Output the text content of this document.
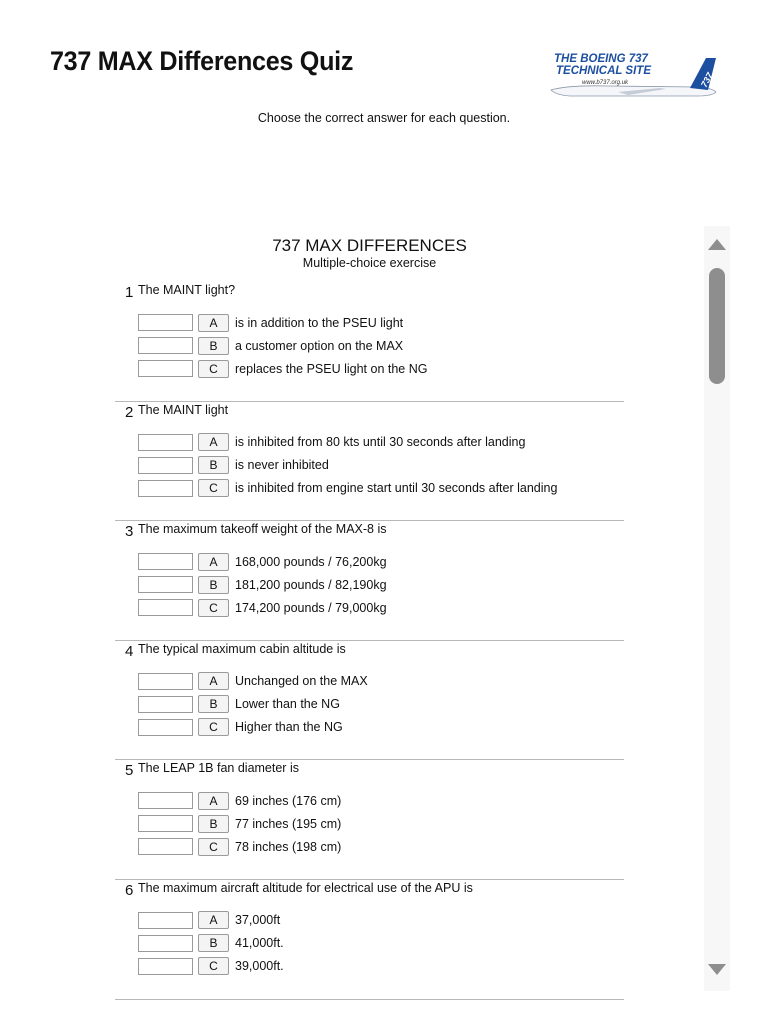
737 MAX Differences Quiz	THE BOEING 737
TECHNICAL SITE
www.b737.org.uk	737
Choose the correct answer for each question.
737 MAX DIFFERENCES
Multiple-choice exercise
1 The MAINT light?
A	is in addition to the PSEU light
B	a customer option on the MAX
C	replaces the PSEU light on the NG
2 The MAINT light
A	is inhibited from 80 kts until 30 seconds after landing
B	is never inhibited
C	is inhibited from engine start until 30 seconds after landing
3 The maximum takeoff weight of the MAX-8 is
A	168,000 pounds / 76,200kg
B	181,200 pounds / 82,190kg
C	174,200 pounds / 79,000kg
4 The typical maximum cabin altitude is
A	Unchanged on the MAX
B	Lower than the NG
C	Higher than the NG
5 The LEAP 1B fan diameter is
A	69 inches (176 cm)
B	77 inches (195 cm)
C	78 inches (198 cm)
6 The maximum aircraft altitude for electrical use of the APU is
A	37,000ft
B	41,000ft.
C	39,000ft.
